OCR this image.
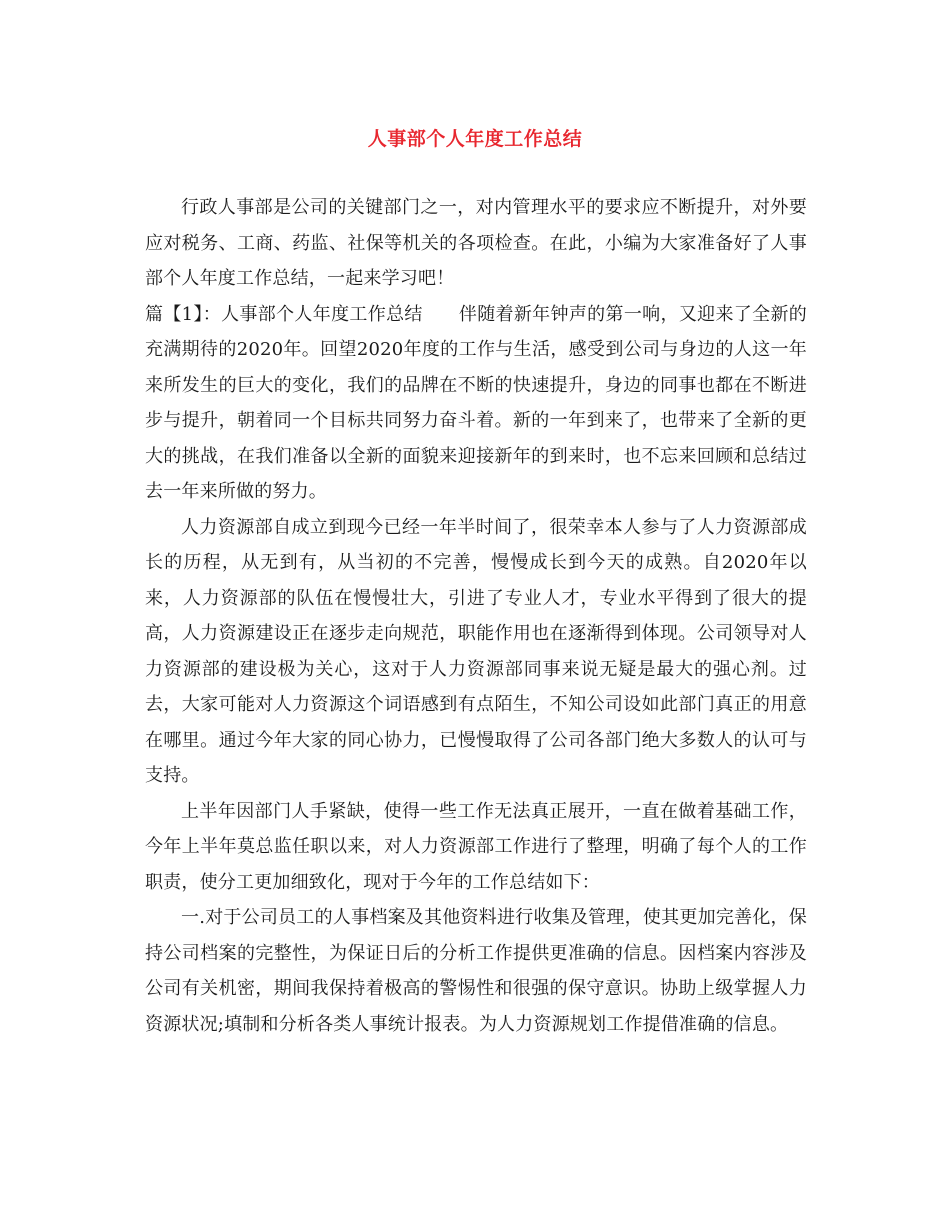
人事部个人年度工作总结

行政人事部是公司的关键部门之一，对内管理水平的要求应不断提升，对外要应对税务、工商、药监、社保等机关的各项检查。在此，小编为大家准备好了人事部个人年度工作总结，一起来学习吧！

篇【1】：人事部个人年度工作总结 伴随着新年钟声的第一响，又迎来了全新的充满期待的2020年。回望2020年度的工作与生活，感受到公司与身边的人这一年来所发生的巨大的变化，我们的品牌在不断的快速提升，身边的同事也都在不断进步与提升，朝着同一个目标共同努力奋斗着。新的一年到来了，也带来了全新的更大的挑战，在我们准备以全新的面貌来迎接新年的到来时，也不忘来回顾和总结过去一年来所做的努力。

人力资源部自成立到现今已经一年半时间了，很荣幸本人参与了人力资源部成长的历程，从无到有，从当初的不完善，慢慢成长到今天的成熟。自2020年以来，人力资源部的队伍在慢慢壮大，引进了专业人才，专业水平得到了很大的提高，人力资源建设正在逐步走向规范，职能作用也在逐渐得到体现。公司领导对人力资源部的建设极为关心，这对于人力资源部同事来说无疑是最大的强心剂。过去，大家可能对人力资源这个词语感到有点陌生，不知公司设如此部门真正的用意在哪里。通过今年大家的同心协力，已慢慢取得了公司各部门绝大多数人的认可与支持。

上半年因部门人手紧缺，使得一些工作无法真正展开，一直在做着基础工作，今年上半年莫总监任职以来，对人力资源部工作进行了整理，明确了每个人的工作职责，使分工更加细致化，现对于今年的工作总结如下：

一.对于公司员工的人事档案及其他资料进行收集及管理，使其更加完善化，保持公司档案的完整性，为保证日后的分析工作提供更准确的信息。因档案内容涉及公司有关机密，期间我保持着极高的警惕性和很强的保守意识。协助上级掌握人力资源状况;填制和分析各类人事统计报表。为人力资源规划工作提借准确的信息。
